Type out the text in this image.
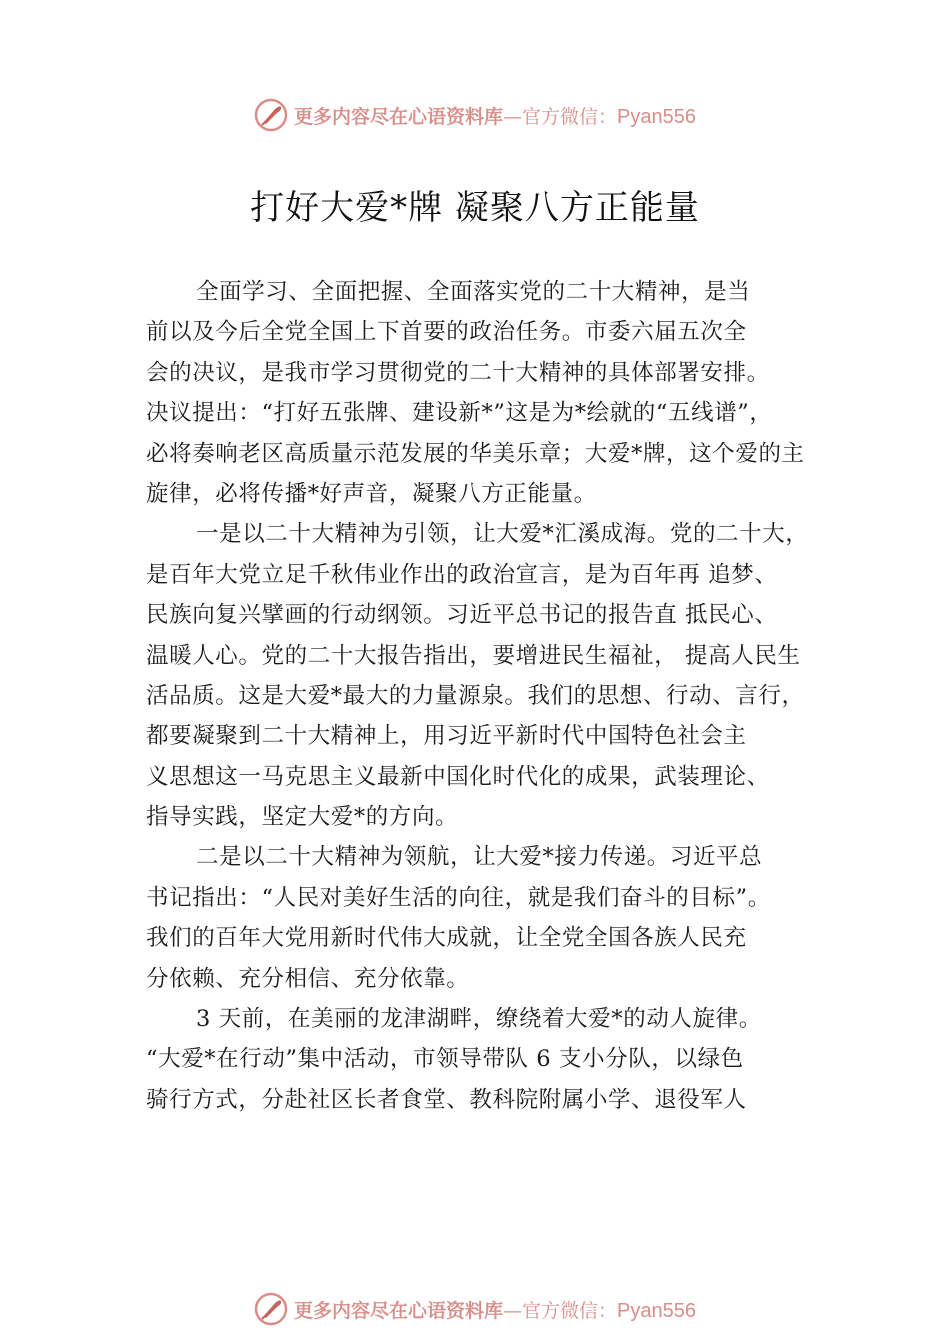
更多内容尽在心语资料库—官方微信：Pyan556
打好大爱*牌 凝聚八方正能量
全面学习、全面把握、全面落实党的二十大精神，是当
前以及今后全党全国上下首要的政治任务。市委六届五次全
会的决议，是我市学习贯彻党的二十大精神的具体部署安排。
决议提出：“打好五张牌、建设新*”这是为*绘就的“五线谱”，
必将奏响老区高质量示范发展的华美乐章；大爱*牌，这个爱的主
旋律，必将传播*好声音，凝聚八方正能量。
一是以二十大精神为引领，让大爱*汇溪成海。党的二十大，
是百年大党立足千秋伟业作出的政治宣言，是为百年再 追梦、
民族向复兴擘画的行动纲领。习近平总书记的报告直 抵民心、
温暖人心。党的二十大报告指出，要增进民生福祉， 提高人民生
活品质。这是大爱*最大的力量源泉。我们的思想、行动、言行，
都要凝聚到二十大精神上，用习近平新时代中国特色社会主
义思想这一马克思主义最新中国化时代化的成果，武装理论、
指导实践，坚定大爱*的方向。
二是以二十大精神为领航，让大爱*接力传递。习近平总
书记指出：“人民对美好生活的向往，就是我们奋斗的目标”。
我们的百年大党用新时代伟大成就，让全党全国各族人民充
分依赖、充分相信、充分依靠。
3 天前，在美丽的龙津湖畔，缭绕着大爱*的动人旋律。
“大爱*在行动”集中活动，市领导带队 6 支小分队，以绿色
骑行方式，分赴社区长者食堂、教科院附属小学、退役军人
更多内容尽在心语资料库—官方微信：Pyan556
